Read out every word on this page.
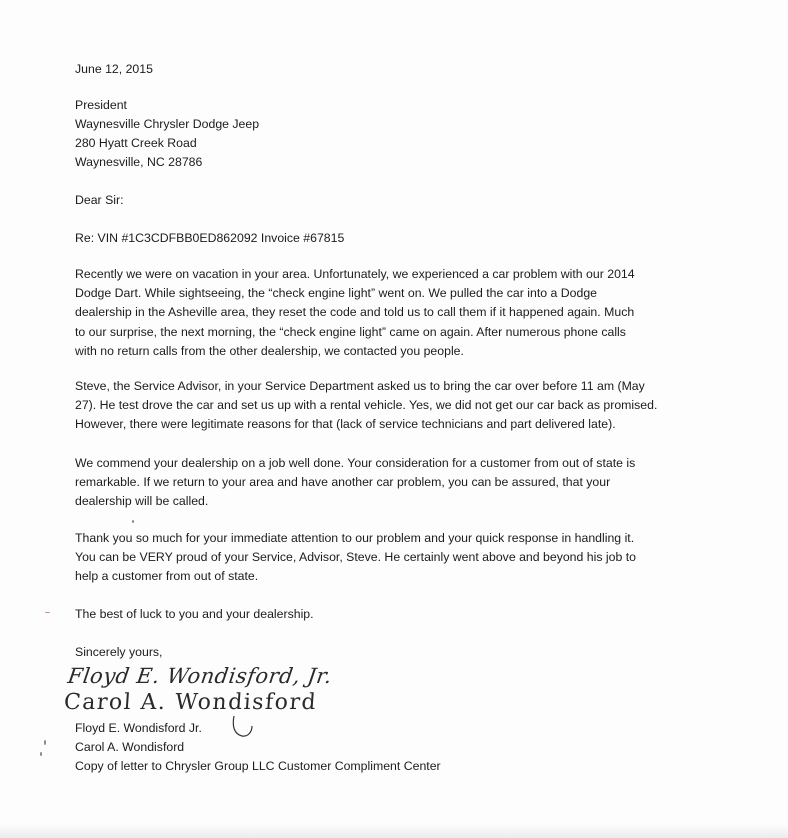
June 12, 2015
President
Waynesville Chrysler Dodge Jeep
280 Hyatt Creek Road
Waynesville, NC 28786
Dear Sir:
Re: VIN #1C3CDFBB0ED862092 Invoice #67815
Recently we were on vacation in your area. Unfortunately, we experienced a car problem with our 2014
Dodge Dart. While sightseeing, the “check engine light” went on. We pulled the car into a Dodge
dealership in the Asheville area, they reset the code and told us to call them if it happened again. Much
to our surprise, the next morning, the “check engine light” came on again. After numerous phone calls
with no return calls from the other dealership, we contacted you people.
Steve, the Service Advisor, in your Service Department asked us to bring the car over before 11 am (May
27). He test drove the car and set us up with a rental vehicle. Yes, we did not get our car back as promised.
However, there were legitimate reasons for that (lack of service technicians and part delivered late).
We commend your dealership on a job well done. Your consideration for a customer from out of state is
remarkable. If we return to your area and have another car problem, you can be assured, that your
dealership will be called.
Thank you so much for your immediate attention to our problem and your quick response in handling it.
You can be VERY proud of your Service, Advisor, Steve. He certainly went above and beyond his job to
help a customer from out of state.
The best of luck to you and your dealership.
Sincerely yours,
Floyd E. Wondisford, Jr.
Carol A. Wondisford
Floyd E. Wondisford Jr.
Carol A. Wondisford
Copy of letter to Chrysler Group LLC Customer Compliment Center
